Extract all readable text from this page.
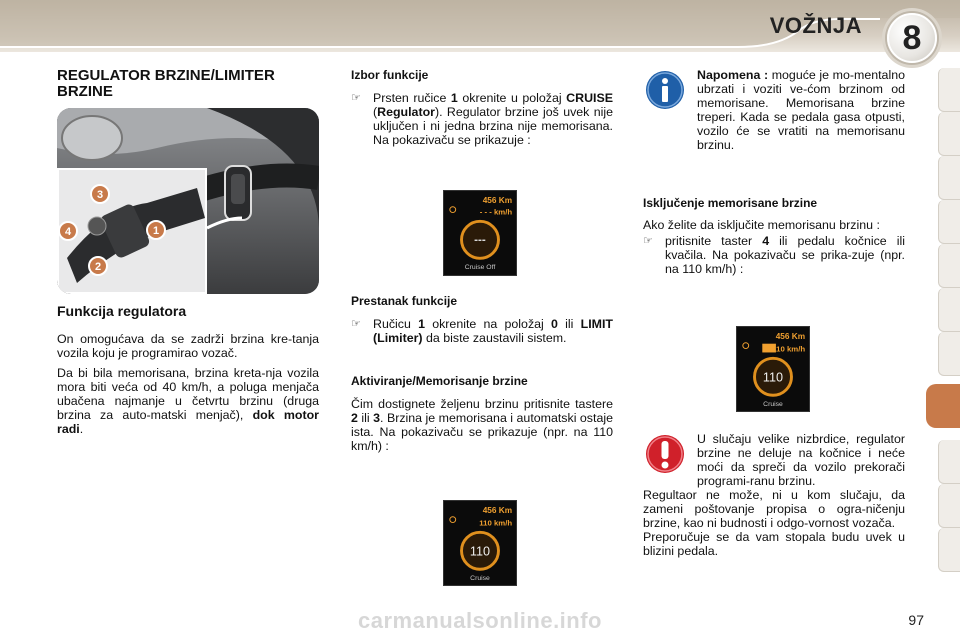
VOŽNJA	8
REGULATOR BRZINE/LIMITER BRZINE
3
4	1
2
Funkcija regulatora

On omogućava da se zadrži brzina kre-tanja vozila koju je programirao vozač.

Da bi bila memorisana, brzina kreta-nja vozila mora biti veća od 40 km/h, a poluga menjača ubačena najmanje u četvrtu brzinu (druga brzina za auto-matski menjač), dok motor radi.

Izbor funkcije
☞ Prsten ručice 1 okrenite u položaj CRUISE (Regulator). Regulator brzine još uvek nije uključen i ni jedna brzina nije memorisana. Na pokazivaču se prikazuje :
456 Km
- - - km/h
---
Cruise Off
Prestanak funkcije
☞ Ručicu 1 okrenite na položaj 0 ili LIMIT (Limiter) da biste zaustavili sistem.
Aktiviranje/Memorisanje brzine

Čim dostignete željenu brzinu pritisnite tastere 2 ili 3. Brzina je memorisana i automatski ostaje ista. Na pokazivaču se prikazuje (npr. na 110 km/h) :

456 Km
110 km/h
110
Cruise

Napomena : moguće je mo-mentalno ubrzati i voziti ve-ćom brzinom od memorisane. Memorisana brzine treperi. Kada se pedala gasa otpusti, vozilo će se vratiti na memorisanu brzinu.

Isključenje memorisane brzine

Ako želite da isključite memorisanu brzinu :

☞ pritisnite taster 4 ili pedalu kočnice ili kvačila. Na pokazivaču se prika-zuje (npr. na 110 km/h) :
456 Km
110 km/h
110
Cruise

U slučaju velike nizbrdice, regulator brzine ne deluje na kočnice i neće moći da spreči da vozilo prekorači programi-ranu brzinu.

Regultaor ne može, ni u kom slučaju, da zameni poštovanje propisa o ogra-ničenju brzine, kao ni budnosti i odgo-vornost vozača.

Preporučuje se da vam stopala budu uvek u blizini pedala.

97
carmanualsonline.info
